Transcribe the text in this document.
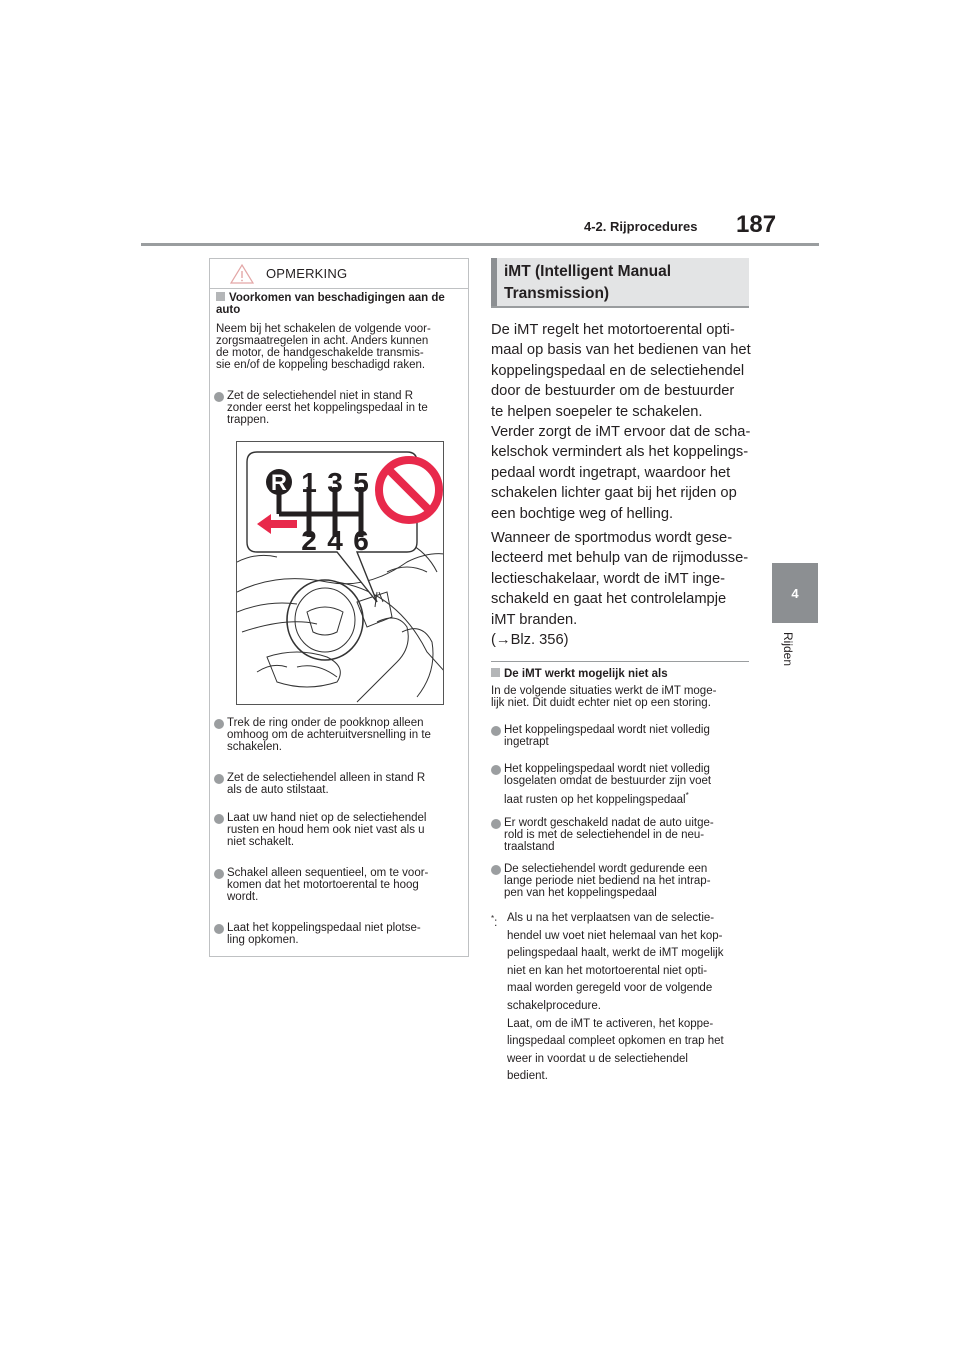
4-2. Rijprocedures 187
4
Rijden
OPMERKING
Voorkomen van beschadigingen aan de auto
Neem bij het schakelen de volgende voor-
zorgsmaatregelen in acht. Anders kunnen
de motor, de handgeschakelde transmis-
sie en/of de koppeling beschadigd raken.
Zet de selectiehendel niet in stand R
zonder eerst het koppelingspedaal in te
trappen.
R 1 3 5
2 4 6
Trek de ring onder de pookknop alleen
omhoog om de achteruitversnelling in te
schakelen.
Zet de selectiehendel alleen in stand R
als de auto stilstaat.
Laat uw hand niet op de selectiehendel
rusten en houd hem ook niet vast als u
niet schakelt.
Schakel alleen sequentieel, om te voor-
komen dat het motortoerental te hoog
wordt.
Laat het koppelingspedaal niet plotse-
ling opkomen.
iMT (Intelligent Manual
Transmission)
De iMT regelt het motortoerental opti-
maal op basis van het bedienen van het
koppelingspedaal en de selectiehendel
door de bestuurder om de bestuurder
te helpen soepeler te schakelen.
Verder zorgt de iMT ervoor dat de scha-
kelschok vermindert als het koppelings-
pedaal wordt ingetrapt, waardoor het
schakelen lichter gaat bij het rijden op
een bochtige weg of helling.
Wanneer de sportmodus wordt gese-
lecteerd met behulp van de rijmodusse-
lectieschakelaar, wordt de iMT inge-
schakeld en gaat het controlelampje
iMT branden.
(→Blz. 356)
De iMT werkt mogelijk niet als
In de volgende situaties werkt de iMT moge-
lijk niet. Dit duidt echter niet op een storing.
Het koppelingspedaal wordt niet volledig
ingetrapt
Het koppelingspedaal wordt niet volledig
losgelaten omdat de bestuurder zijn voet
laat rusten op het koppelingspedaal*
Er wordt geschakeld nadat de auto uitge-
rold is met de selectiehendel in de neu-
traalstand
De selectiehendel wordt gedurende een
lange periode niet bediend na het intrap-
pen van het koppelingspedaal
*: Als u na het verplaatsen van de selectie-
hendel uw voet niet helemaal van het kop-
pelingspedaal haalt, werkt de iMT mogelijk
niet en kan het motortoerental niet opti-
maal worden geregeld voor de volgende
schakelprocedure.
Laat, om de iMT te activeren, het koppe-
lingspedaal compleet opkomen en trap het
weer in voordat u de selectiehendel
bedient.
